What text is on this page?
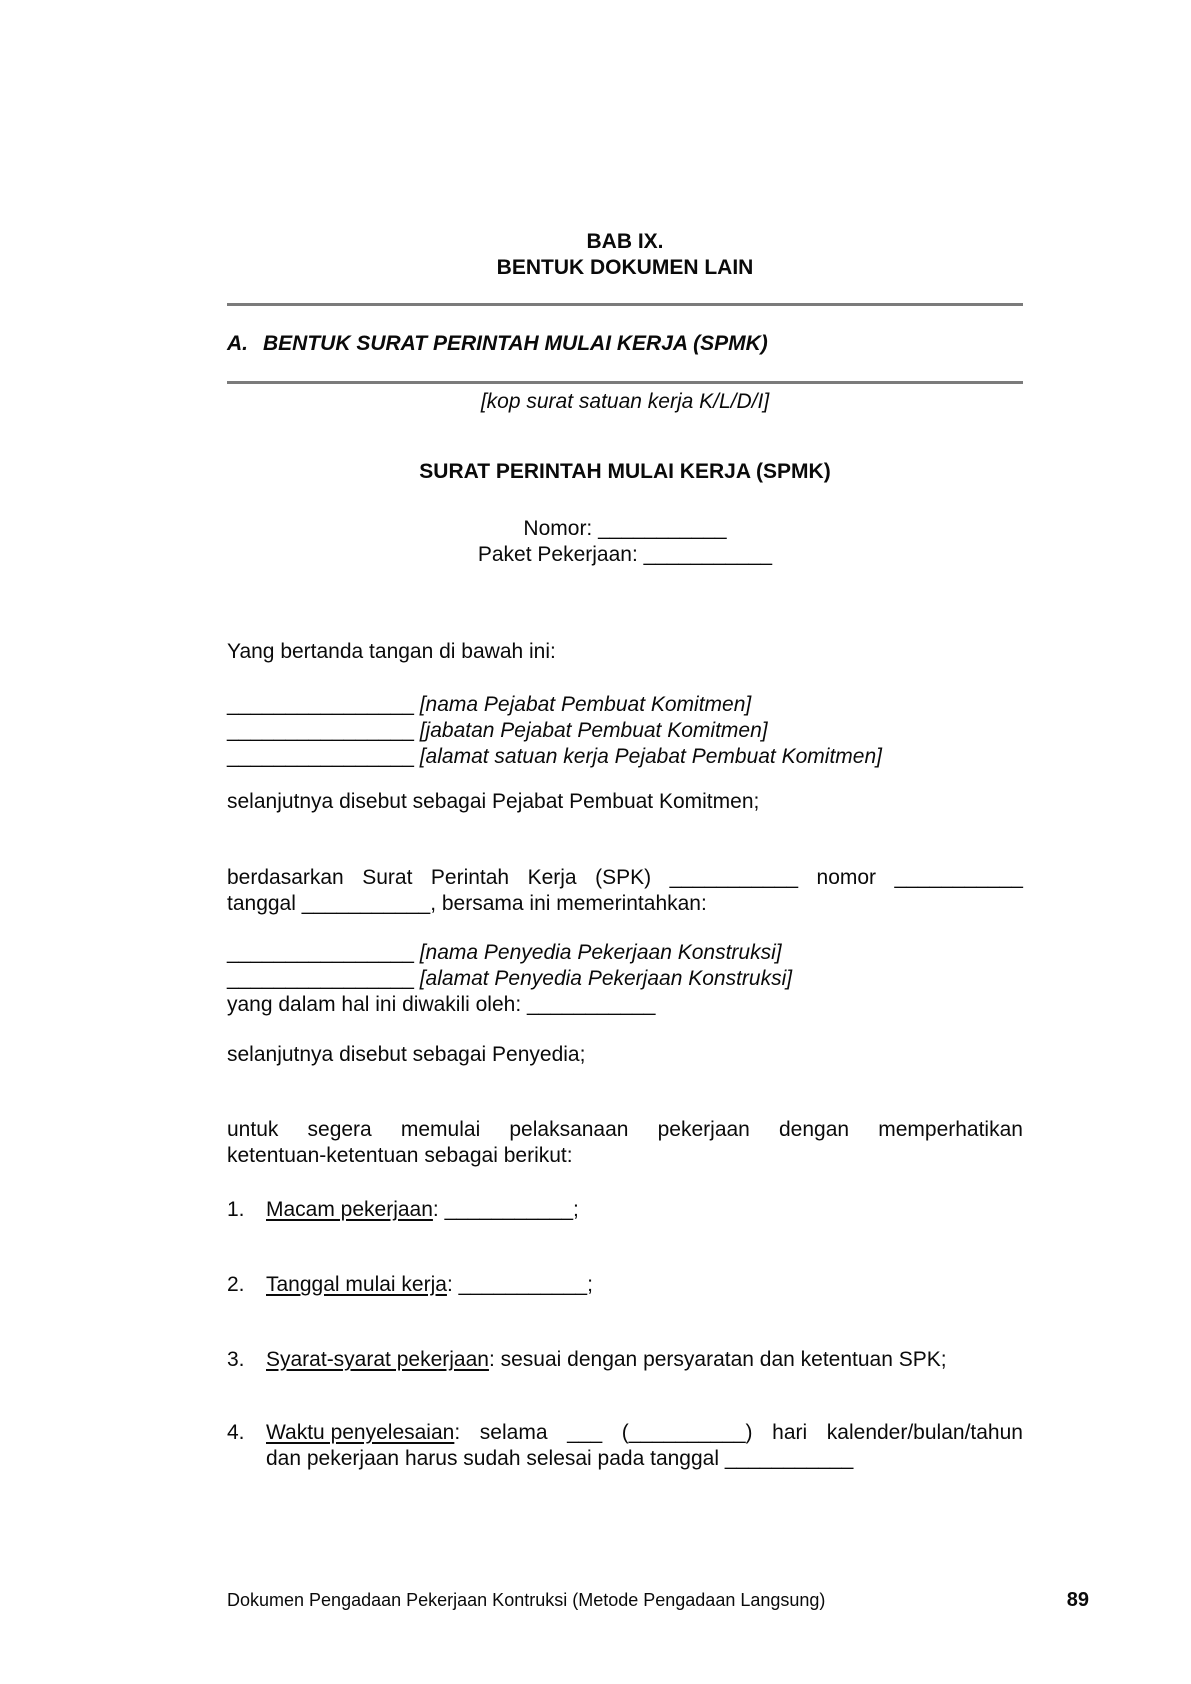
BAB IX.
BENTUK DOKUMEN LAIN
A. BENTUK SURAT PERINTAH MULAI KERJA (SPMK)
[kop surat satuan kerja K/L/D/I]
SURAT PERINTAH MULAI KERJA (SPMK)
Nomor: ___________
Paket Pekerjaan: ___________
Yang bertanda tangan di bawah ini:
________________ [nama Pejabat Pembuat Komitmen]
________________ [jabatan Pejabat Pembuat Komitmen]
________________ [alamat satuan kerja Pejabat Pembuat Komitmen]
selanjutnya disebut sebagai Pejabat Pembuat Komitmen;
berdasarkan Surat Perintah Kerja (SPK) ___________ nomor ___________
tanggal ___________, bersama ini memerintahkan:
________________ [nama Penyedia Pekerjaan Konstruksi]
________________ [alamat Penyedia Pekerjaan Konstruksi]
yang dalam hal ini diwakili oleh: ___________
selanjutnya disebut sebagai Penyedia;
untuk segera memulai pelaksanaan pekerjaan dengan memperhatikan
ketentuan-ketentuan sebagai berikut:
1. Macam pekerjaan: ___________;
2. Tanggal mulai kerja: ___________;
3. Syarat-syarat pekerjaan: sesuai dengan persyaratan dan ketentuan SPK;
4. Waktu penyelesaian: selama ___ (__________) hari kalender/bulan/tahun
dan pekerjaan harus sudah selesai pada tanggal ___________
Dokumen Pengadaan Pekerjaan Kontruksi (Metode Pengadaan Langsung)	89
